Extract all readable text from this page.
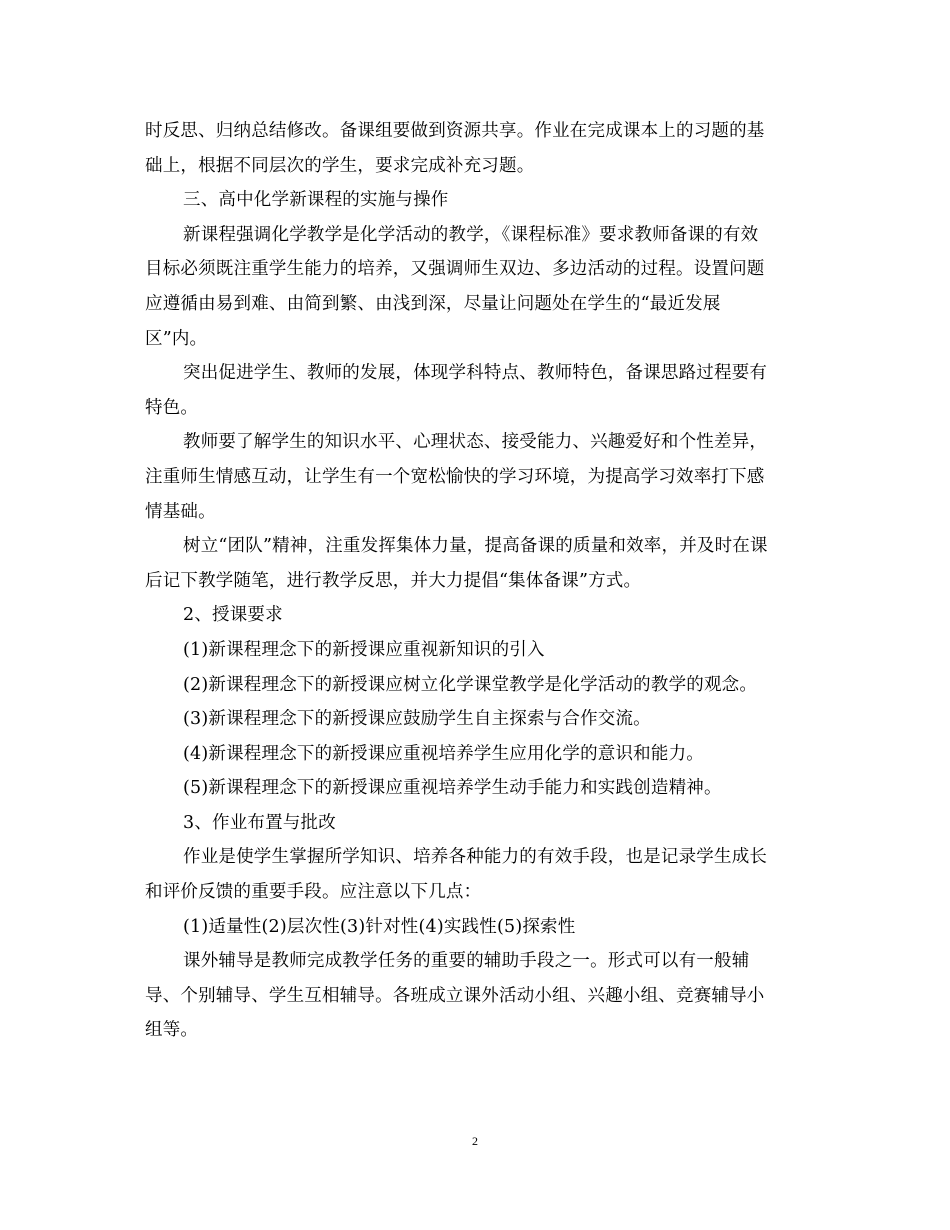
时反思、归纳总结修改。备课组要做到资源共享。作业在完成课本上的习题的基
础上，根据不同层次的学生，要求完成补充习题。
三、高中化学新课程的实施与操作
新课程强调化学教学是化学活动的教学，《课程标准》要求教师备课的有效
目标必须既注重学生能力的培养，又强调师生双边、多边活动的过程。设置问题
应遵循由易到难、由简到繁、由浅到深，尽量让问题处在学生的“最近发展
区”内。
突出促进学生、教师的发展，体现学科特点、教师特色，备课思路过程要有
特色。
教师要了解学生的知识水平、心理状态、接受能力、兴趣爱好和个性差异，
注重师生情感互动，让学生有一个宽松愉快的学习环境，为提高学习效率打下感
情基础。
树立“团队”精神，注重发挥集体力量，提高备课的质量和效率，并及时在课
后记下教学随笔，进行教学反思，并大力提倡“集体备课”方式。
2、授课要求
(1)新课程理念下的新授课应重视新知识的引入
(2)新课程理念下的新授课应树立化学课堂教学是化学活动的教学的观念。
(3)新课程理念下的新授课应鼓励学生自主探索与合作交流。
(4)新课程理念下的新授课应重视培养学生应用化学的意识和能力。
(5)新课程理念下的新授课应重视培养学生动手能力和实践创造精神。
3、作业布置与批改
作业是使学生掌握所学知识、培养各种能力的有效手段，也是记录学生成长
和评价反馈的重要手段。应注意以下几点：
(1)适量性(2)层次性(3)针对性(4)实践性(5)探索性
课外辅导是教师完成教学任务的重要的辅助手段之一。形式可以有一般辅
导、个别辅导、学生互相辅导。各班成立课外活动小组、兴趣小组、竞赛辅导小
组等。
2
